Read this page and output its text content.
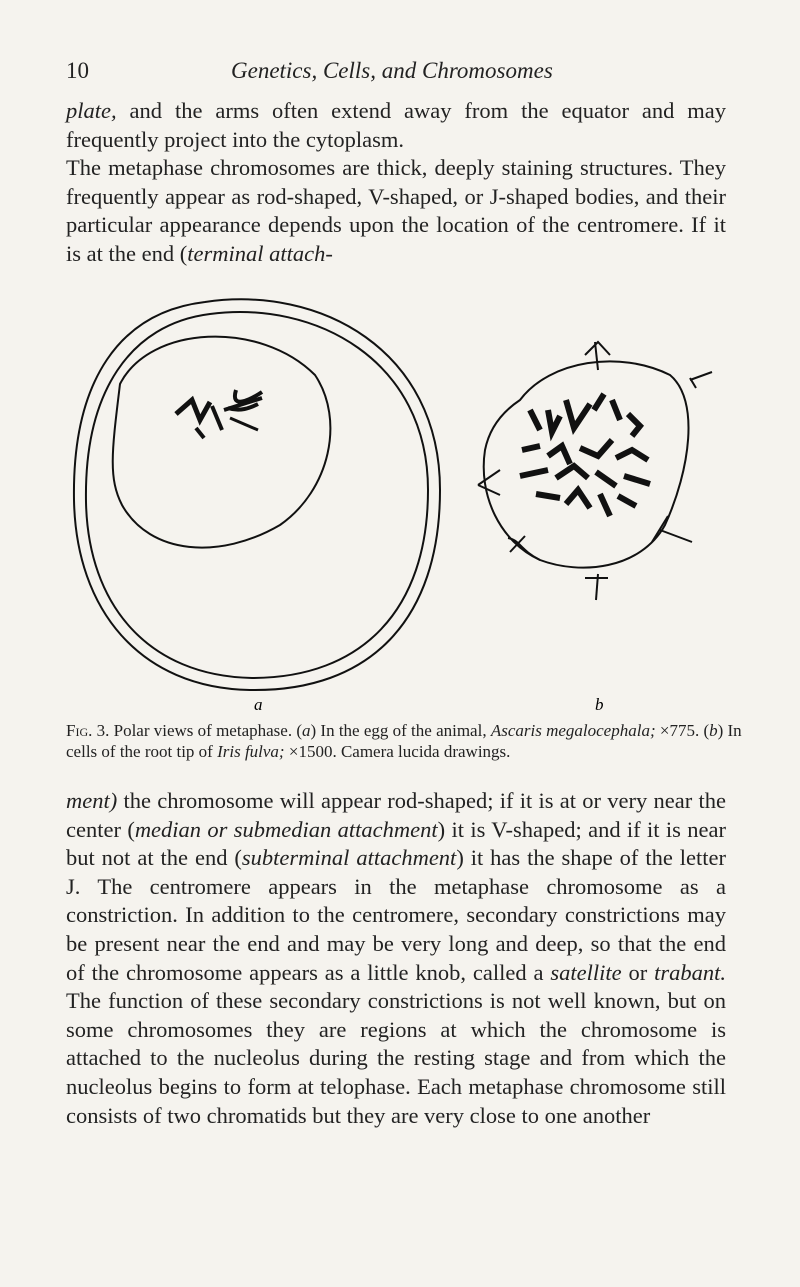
10	Genetics, Cells, and Chromosomes

plate, and the arms often extend away from the equator and may frequently project into the cytoplasm.

The metaphase chromosomes are thick, deeply staining structures. They frequently appear as rod-shaped, V-shaped, or J-shaped bodies, and their particular appearance depends upon the location of the centromere. If it is at the end (terminal attach-

a	b
Fig. 3. Polar views of metaphase. (a) In the egg of the animal, Ascaris megalocephala; ×775. (b) In cells of the root tip of Iris fulva; ×1500. Camera lucida drawings.

ment) the chromosome will appear rod-shaped; if it is at or very near the center (median or submedian attachment) it is V-shaped; and if it is near but not at the end (subterminal attachment) it has the shape of the letter J. The centromere appears in the metaphase chromosome as a constriction. In addition to the centromere, secondary constrictions may be present near the end and may be very long and deep, so that the end of the chromosome appears as a little knob, called a satellite or trabant. The function of these secondary constrictions is not well known, but on some chromosomes they are regions at which the chromosome is attached to the nucleolus during the resting stage and from which the nucleolus begins to form at telophase. Each metaphase chromosome still consists of two chromatids but they are very close to one another
